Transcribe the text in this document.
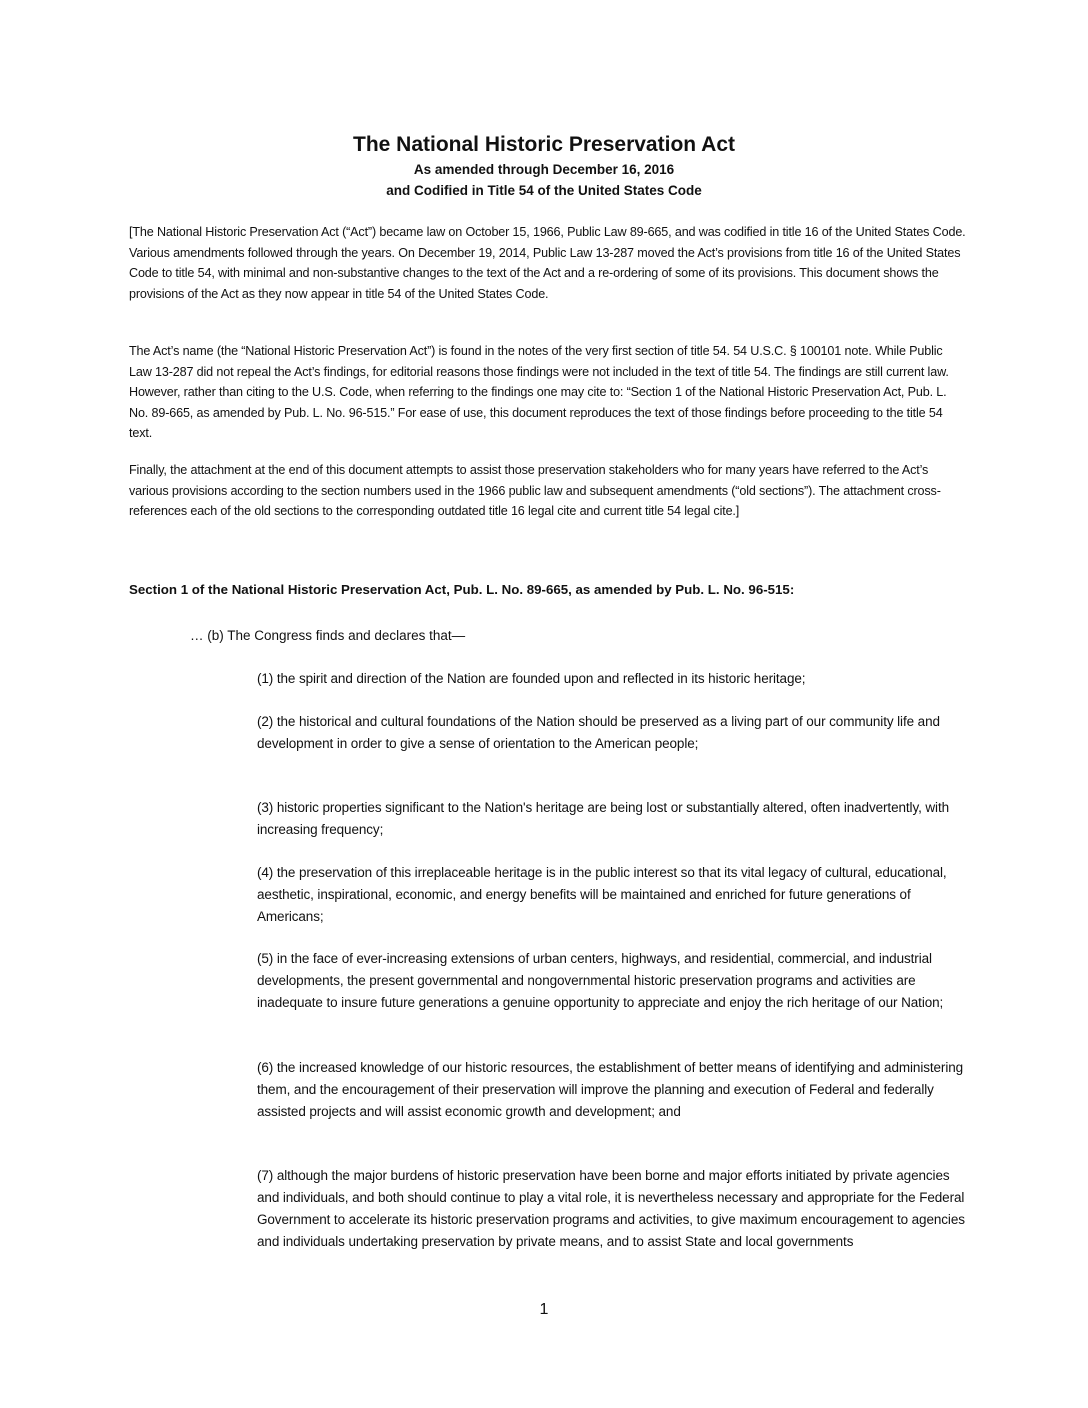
The National Historic Preservation Act

As amended through December 16, 2016

and Codified in Title 54 of the United States Code

[The National Historic Preservation Act (“Act”) became law on October 15, 1966, Public Law 89-665, and was codified in title 16 of the United States Code. Various amendments followed through the years. On December 19, 2014, Public Law 13-287 moved the Act’s provisions from title 16 of the United States Code to title 54, with minimal and non-substantive changes to the text of the Act and a re-ordering of some of its provisions. This document shows the provisions of the Act as they now appear in title 54 of the United States Code.

The Act’s name (the “National Historic Preservation Act”) is found in the notes of the very first section of title 54. 54 U.S.C. § 100101 note. While Public Law 13-287 did not repeal the Act’s findings, for editorial reasons those findings were not included in the text of title 54. The findings are still current law. However, rather than citing to the U.S. Code, when referring to the findings one may cite to: “Section 1 of the National Historic Preservation Act, Pub. L. No. 89-665, as amended by Pub. L. No. 96-515.” For ease of use, this document reproduces the text of those findings before proceeding to the title 54 text.

Finally, the attachment at the end of this document attempts to assist those preservation stakeholders who for many years have referred to the Act’s various provisions according to the section numbers used in the 1966 public law and subsequent amendments (“old sections”). The attachment cross-references each of the old sections to the corresponding outdated title 16 legal cite and current title 54 legal cite.]

Section 1 of the National Historic Preservation Act, Pub. L. No. 89-665, as amended by Pub. L. No. 96-515:

… (b) The Congress finds and declares that—

(1) the spirit and direction of the Nation are founded upon and reflected in its historic heritage;

(2) the historical and cultural foundations of the Nation should be preserved as a living part of our community life and development in order to give a sense of orientation to the American people;

(3) historic properties significant to the Nation's heritage are being lost or substantially altered, often inadvertently, with increasing frequency;

(4) the preservation of this irreplaceable heritage is in the public interest so that its vital legacy of cultural, educational, aesthetic, inspirational, economic, and energy benefits will be maintained and enriched for future generations of Americans;

(5) in the face of ever-increasing extensions of urban centers, highways, and residential, commercial, and industrial developments, the present governmental and nongovernmental historic preservation programs and activities are inadequate to insure future generations a genuine opportunity to appreciate and enjoy the rich heritage of our Nation;

(6) the increased knowledge of our historic resources, the establishment of better means of identifying and administering them, and the encouragement of their preservation will improve the planning and execution of Federal and federally assisted projects and will assist economic growth and development; and

(7) although the major burdens of historic preservation have been borne and major efforts initiated by private agencies and individuals, and both should continue to play a vital role, it is nevertheless necessary and appropriate for the Federal Government to accelerate its historic preservation programs and activities, to give maximum encouragement to agencies and individuals undertaking preservation by private means, and to assist State and local governments

1
